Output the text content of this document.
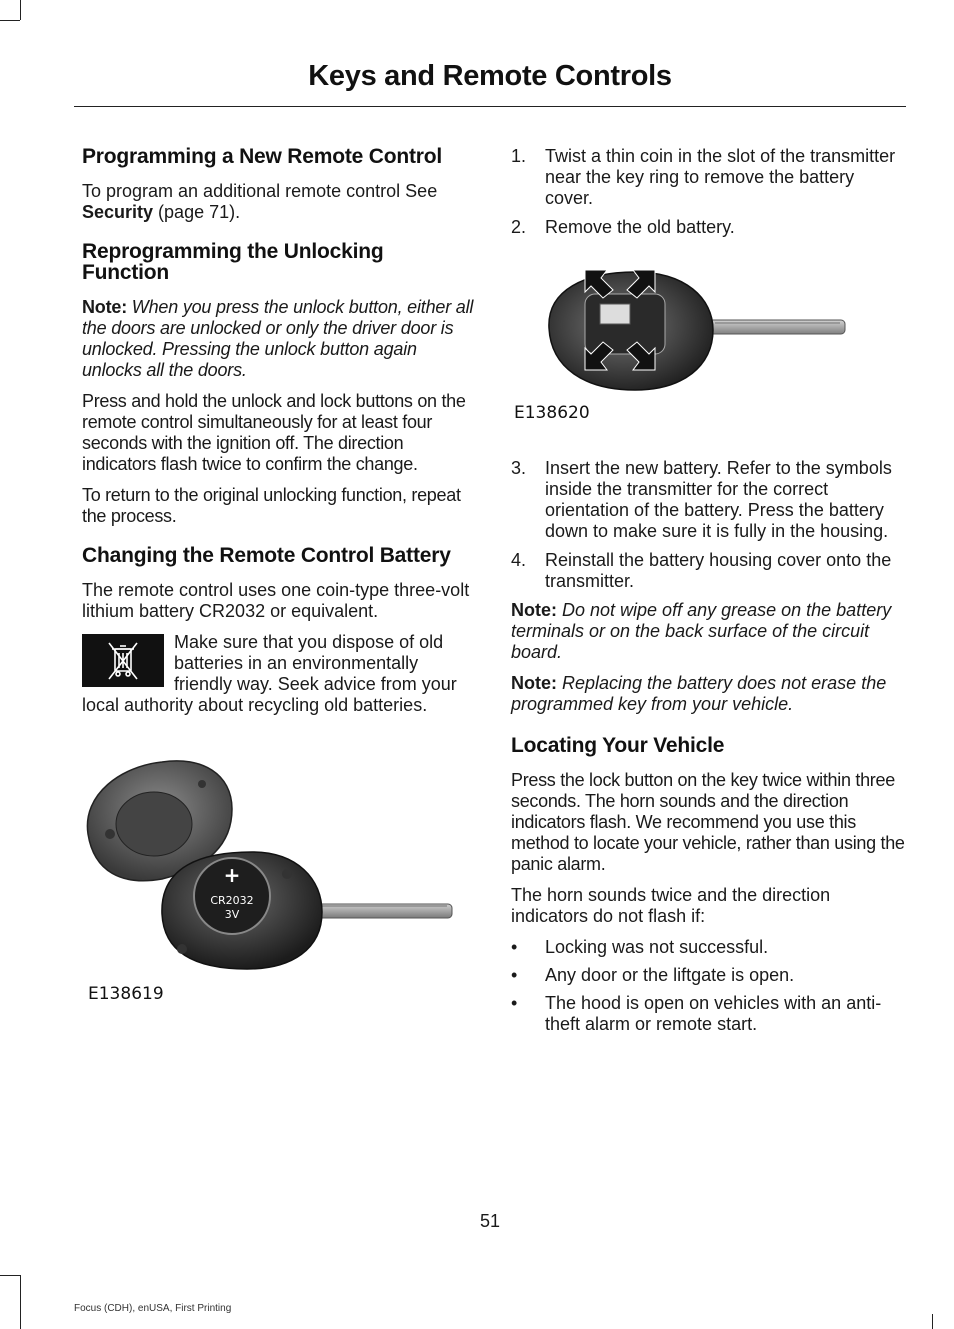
Keys and Remote Controls
Programming a New Remote Control

To program an additional remote control See Security (page 71).

Reprogramming the Unlocking Function

Note: When you press the unlock button, either all the doors are unlocked or only the driver door is unlocked. Pressing the unlock button again unlocks all the doors.

Press and hold the unlock and lock buttons on the remote control simultaneously for at least four seconds with the ignition off. The direction indicators flash twice to confirm the change.

To return to the original unlocking function, repeat the process.

Changing the Remote Control Battery

The remote control uses one coin-type three-volt lithium battery CR2032 or equivalent.

Make sure that you dispose of old batteries in an environmentally friendly way. Seek advice from your local authority about recycling old batteries.
+
CR2032
3V
E138619
1. Twist a thin coin in the slot of the transmitter near the key ring to remove the battery cover.
2. Remove the old battery.
E138620
3. Insert the new battery. Refer to the symbols inside the transmitter for the correct orientation of the battery. Press the battery down to make sure it is fully in the housing.
4. Reinstall the battery housing cover onto the transmitter.

Note: Do not wipe off any grease on the battery terminals or on the back surface of the circuit board.

Note: Replacing the battery does not erase the programmed key from your vehicle.

Locating Your Vehicle

Press the lock button on the key twice within three seconds. The horn sounds and the direction indicators flash. We recommend you use this method to locate your vehicle, rather than using the panic alarm.

The horn sounds twice and the direction indicators do not flash if:

• Locking was not successful.
• Any door or the liftgate is open.
• The hood is open on vehicles with an anti-theft alarm or remote start.
51
Focus (CDH), enUSA, First Printing
